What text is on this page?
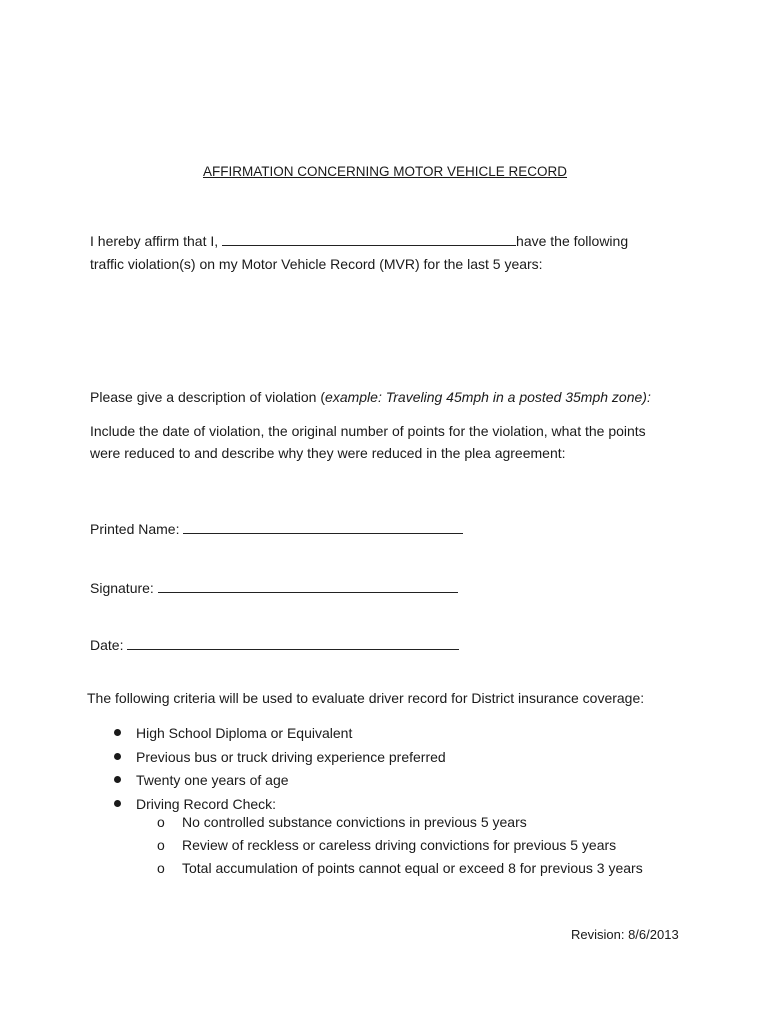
AFFIRMATION CONCERNING MOTOR VEHICLE RECORD
I hereby affirm that I,	have the following
traffic violation(s) on my Motor Vehicle Record (MVR) for the last 5 years:
Please give a description of violation (example: Traveling 45mph in a posted 35mph zone):
Include the date of violation, the original number of points for the violation, what the points
were reduced to and describe why they were reduced in the plea agreement:
Printed Name:
Signature:
Date:
The following criteria will be used to evaluate driver record for District insurance coverage:
High School Diploma or Equivalent
Previous bus or truck driving experience preferred
Twenty one years of age
Driving Record Check:
o No controlled substance convictions in previous 5 years
o Review of reckless or careless driving convictions for previous 5 years
o Total accumulation of points cannot equal or exceed 8 for previous 3 years
Revision: 8/6/2013
